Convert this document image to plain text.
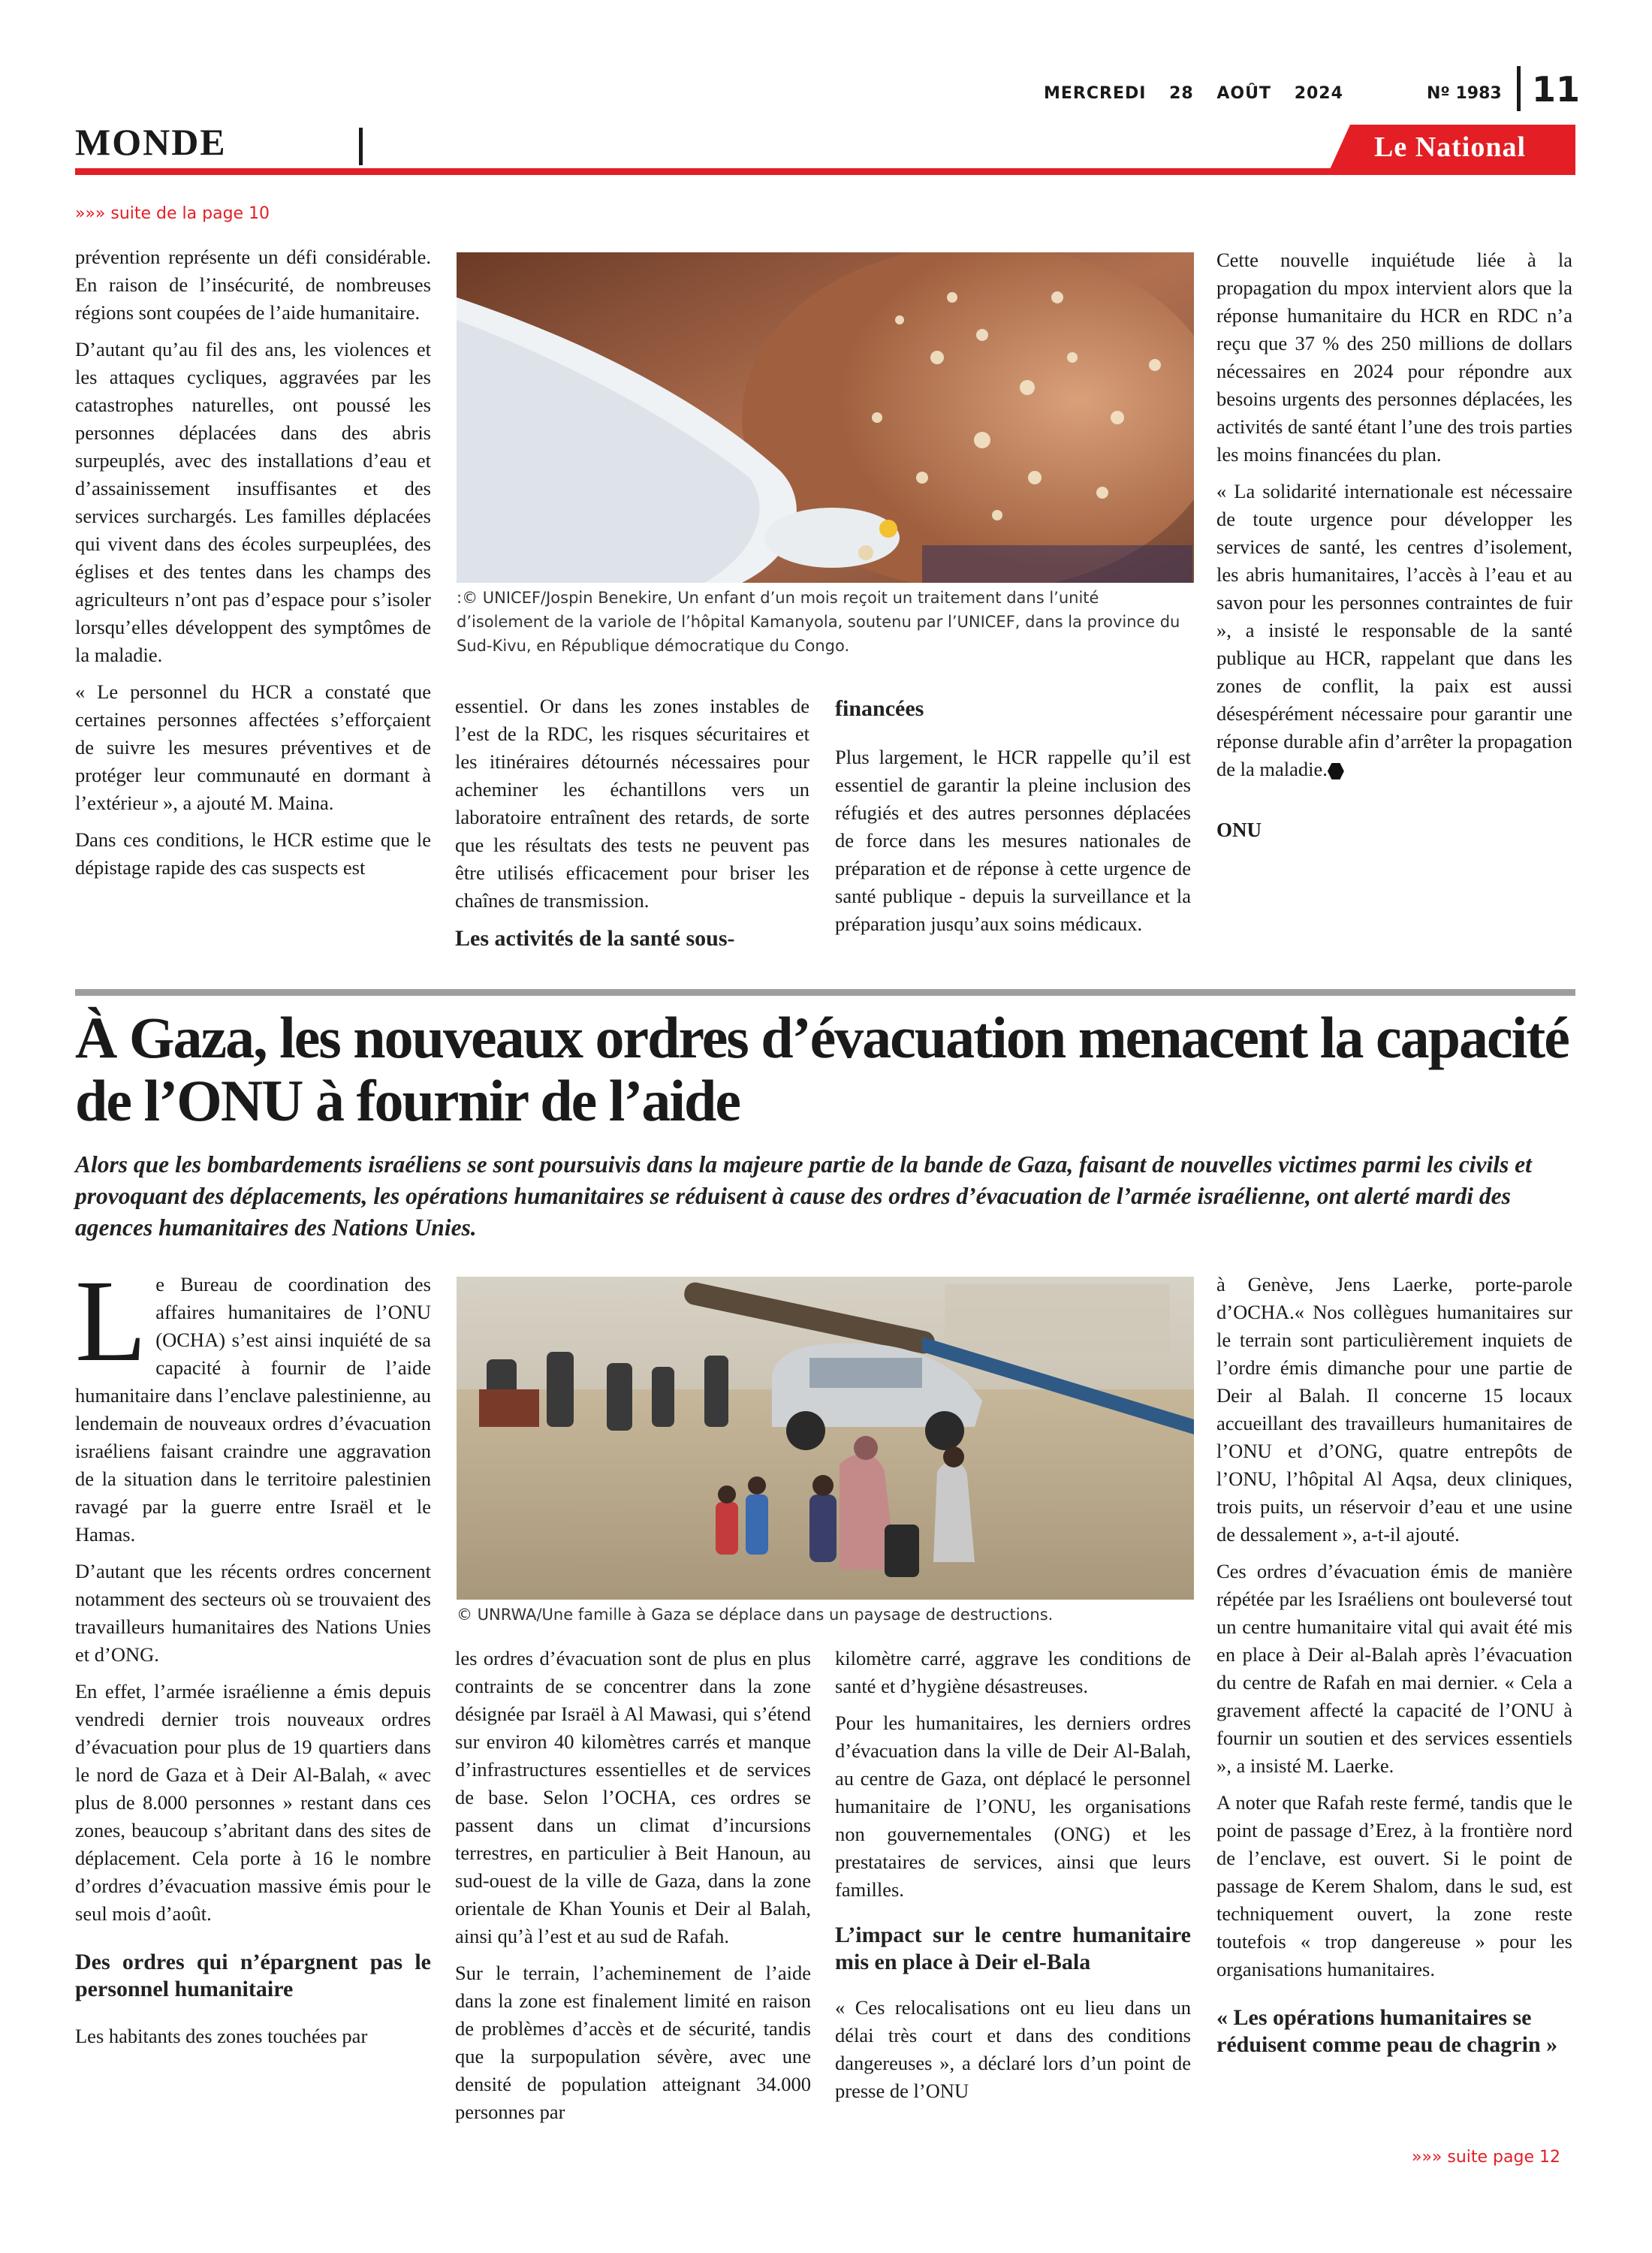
MERCREDI 28 AOÛT 2024	Nº 1983 11
MONDE	Le National
»»» suite de la page 10

prévention représente un défi considérable. En raison de l’insécurité, de nombreuses régions sont coupées de l’aide humanitaire.

D’autant qu’au fil des ans, les violences et les attaques cycliques, aggravées par les catastrophes naturelles, ont poussé les personnes déplacées dans des abris surpeuplés, avec des installations d’eau et d’assainissement insuffisantes et des services surchargés. Les familles déplacées qui vivent dans des écoles surpeuplées, des églises et des tentes dans les champs des agriculteurs n’ont pas d’espace pour s’isoler lorsqu’elles développent des symptômes de la maladie.

« Le personnel du HCR a constaté que certaines personnes affectées s’efforçaient de suivre les mesures préventives et de protéger leur communauté en dormant à l’extérieur », a ajouté M. Maina.

Dans ces conditions, le HCR estime que le dépistage rapide des cas suspects est

:© UNICEF/Jospin Benekire, Un enfant d’un mois reçoit un traitement dans l’unité d’isolement de la variole de l’hôpital Kamanyola, soutenu par l’UNICEF, dans la province du Sud-Kivu, en République démocratique du Congo.

essentiel. Or dans les zones instables de l’est de la RDC, les risques sécuritaires et les itinéraires détournés nécessaires pour acheminer les échantillons vers un laboratoire entraînent des retards, de sorte que les résultats des tests ne peuvent pas être utilisés efficacement pour briser les chaînes de transmission.

Les activités de la santé sous-
financées

Plus largement, le HCR rappelle qu’il est essentiel de garantir la pleine inclusion des réfugiés et des autres personnes déplacées de force dans les mesures nationales de préparation et de réponse à cette urgence de santé publique - depuis la surveillance et la préparation jusqu’aux soins médicaux.

Cette nouvelle inquiétude liée à la propagation du mpox intervient alors que la réponse humanitaire du HCR en RDC n’a reçu que 37 % des 250 millions de dollars nécessaires en 2024 pour répondre aux besoins urgents des personnes déplacées, les activités de santé étant l’une des trois parties les moins financées du plan.

« La solidarité internationale est nécessaire de toute urgence pour développer les services de santé, les centres d’isolement, les abris humanitaires, l’accès à l’eau et au savon pour les personnes contraintes de fuir », a insisté le responsable de la santé publique au HCR, rappelant que dans les zones de conflit, la paix est aussi désespérément nécessaire pour garantir une réponse durable afin d’arrêter la propagation de la maladie.

ONU
À Gaza, les nouveaux ordres d’évacuation menacent la capacité de l’ONU à fournir de l’aide
Alors que les bombardements israéliens se sont poursuivis dans la majeure partie de la bande de Gaza, faisant de nouvelles victimes parmi les civils et provoquant des déplacements, les opérations humanitaires se réduisent à cause des ordres d’évacuation de l’armée israélienne, ont alerté mardi des agences humanitaires des Nations Unies.

Le Bureau de coordination des affaires humanitaires de l’ONU (OCHA) s’est ainsi inquiété de sa capacité à fournir de l’aide humanitaire dans l’enclave palestinienne, au lendemain de nouveaux ordres d’évacuation israéliens faisant craindre une aggravation de la situation dans le territoire palestinien ravagé par la guerre entre Israël et le Hamas.

D’autant que les récents ordres concernent notamment des secteurs où se trouvaient des travailleurs humanitaires des Nations Unies et d’ONG.

En effet, l’armée israélienne a émis depuis vendredi dernier trois nouveaux ordres d’évacuation pour plus de 19 quartiers dans le nord de Gaza et à Deir Al-Balah, « avec plus de 8.000 personnes » restant dans ces zones, beaucoup s’abritant dans des sites de déplacement. Cela porte à 16 le nombre d’ordres d’évacuation massive émis pour le seul mois d’août.

Des ordres qui n’épargnent pas le personnel humanitaire

Les habitants des zones touchées par

© UNRWA/Une famille à Gaza se déplace dans un paysage de destructions.

les ordres d’évacuation sont de plus en plus contraints de se concentrer dans la zone désignée par Israël à Al Mawasi, qui s’étend sur environ 40 kilomètres carrés et manque d’infrastructures essentielles et de services de base. Selon l’OCHA, ces ordres se passent dans un climat d’incursions terrestres, en particulier à Beit Hanoun, au sud-ouest de la ville de Gaza, dans la zone orientale de Khan Younis et Deir al Balah, ainsi qu’à l’est et au sud de Rafah.

Sur le terrain, l’acheminement de l’aide dans la zone est finalement limité en raison de problèmes d’accès et de sécurité, tandis que la surpopulation sévère, avec une densité de population atteignant 34.000 personnes par

kilomètre carré, aggrave les conditions de santé et d’hygiène désastreuses.

Pour les humanitaires, les derniers ordres d’évacuation dans la ville de Deir Al-Balah, au centre de Gaza, ont déplacé le personnel humanitaire de l’ONU, les organisations non gouvernementales (ONG) et les prestataires de services, ainsi que leurs familles.

L’impact sur le centre humanitaire mis en place à Deir el-Bala

« Ces relocalisations ont eu lieu dans un délai très court et dans des conditions dangereuses », a déclaré lors d’un point de presse de l’ONU

à Genève, Jens Laerke, porte-parole d’OCHA.« Nos collègues humanitaires sur le terrain sont particulièrement inquiets de l’ordre émis dimanche pour une partie de Deir al Balah. Il concerne 15 locaux accueillant des travailleurs humanitaires de l’ONU et d’ONG, quatre entrepôts de l’ONU, l’hôpital Al Aqsa, deux cliniques, trois puits, un réservoir d’eau et une usine de dessalement », a-t-il ajouté.

Ces ordres d’évacuation émis de manière répétée par les Israéliens ont bouleversé tout un centre humanitaire vital qui avait été mis en place à Deir al-Balah après l’évacuation du centre de Rafah en mai dernier. « Cela a gravement affecté la capacité de l’ONU à fournir un soutien et des services essentiels », a insisté M. Laerke.

A noter que Rafah reste fermé, tandis que le point de passage d’Erez, à la frontière nord de l’enclave, est ouvert. Si le point de passage de Kerem Shalom, dans le sud, est techniquement ouvert, la zone reste toutefois « trop dangereuse » pour les organisations humanitaires.

« Les opérations humanitaires se réduisent comme peau de chagrin »
»»» suite page 12
